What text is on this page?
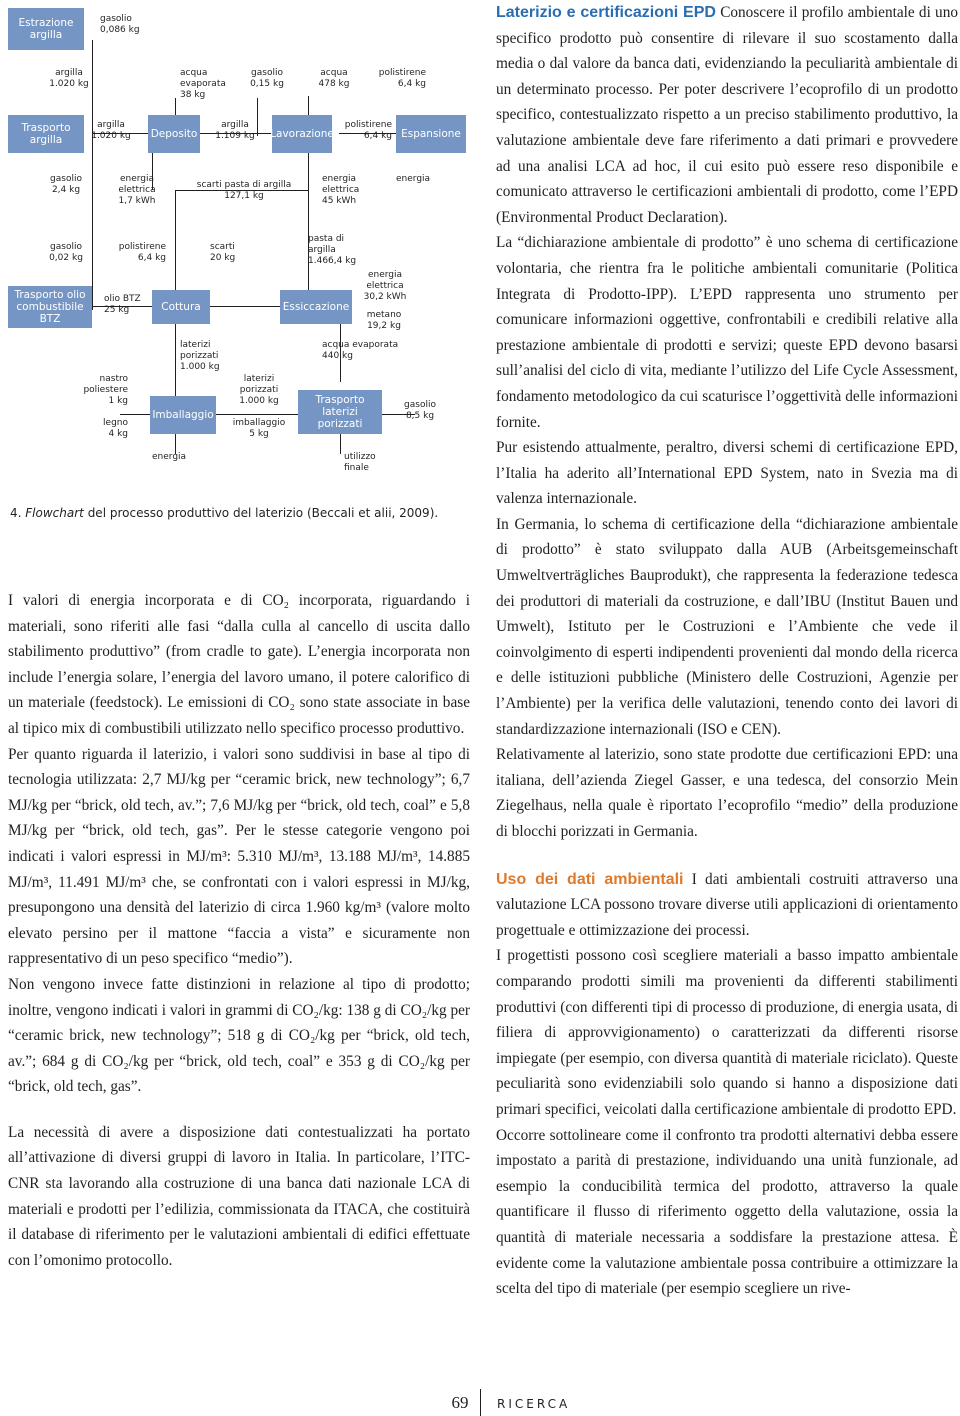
Estrazione argilla
Trasporto argilla	Deposito	Lavorazione	Espansione
Trasporto olio combustibile BTZ
Cottura	Essiccazione
Imballaggio
Trasporto laterizi porizzati
gasolio
0,086 kg
argilla
1.020 kg
acqua
evaporata
38 kg
gasolio
0,15 kg
acqua
478 kg
polistirene
6,4 kg
argilla
1.020 kg
argilla
1.109 kg
polistirene
6,4 kg
gasolio
2,4 kg
energia
elettrica
1,7 kWh
scarti pasta di argilla
127,1 kg
energia
elettrica
45 kWh
energia
gasolio
0,02 kg
polistirene
6,4 kg
scarti
20 kg
pasta di
argilla
1.466,4 kg
energia
elettrica
30,2 kWh
olio BTZ
25 kg	metano
19,2 kg
laterizi
porizzati
1.000 kg
acqua evaporata
440 kg
nastro
poliestere
1 kg
laterizi
porizzati
1.000 kg
legno
4 kg
imballaggio
5 kg
gasolio
8,5 kg
energia	utilizzo
finale
4. Flowchart del processo produttivo del laterizio (Beccali et alii, 2009).

I valori di energia incorporata e di CO₂ incorporata, riguardando i materiali, sono riferiti alle fasi “dalla culla al cancello di uscita dallo stabilimento produttivo” (from cradle to gate). L’energia incorporata non include l’energia solare, l’energia del lavoro umano, il potere calorifico di un materiale (feedstock). Le emissioni di CO₂ sono state associate in base al tipico mix di combustibili utilizzato nello specifico processo produttivo.

Per quanto riguarda il laterizio, i valori sono suddivisi in base al tipo di tecnologia utilizzata: 2,7 MJ/kg per “ceramic brick, new technology”; 6,7 MJ/kg per “brick, old tech, av.”; 7,6 MJ/kg per “brick, old tech, coal” e 5,8 MJ/kg per “brick, old tech, gas”. Per le stesse categorie vengono poi indicati i valori espressi in MJ/m³: 5.310 MJ/m³, 13.188 MJ/m³, 14.885 MJ/m³, 11.491 MJ/m³ che, se confrontati con i valori espressi in MJ/kg, presupongono una densità del laterizio di circa 1.960 kg/m³ (valore molto elevato persino per il mattone “faccia a vista” e sicuramente non rappresentativo di un peso specifico “medio”).

Non vengono invece fatte distinzioni in relazione al tipo di prodotto; inoltre, vengono indicati i valori in grammi di CO₂/kg: 138 g di CO₂/kg per “ceramic brick, new technology”; 518 g di CO₂/kg per “brick, old tech, av.”; 684 g di CO₂/kg per “brick, old tech, coal” e 353 g di CO₂/kg per “brick, old tech, gas”.

La necessità di avere a disposizione dati contestualizzati ha portato all’attivazione di diversi gruppi di lavoro in Italia. In particolare, l’ITC-CNR sta lavorando alla costruzione di una banca dati nazionale LCA di materiali e prodotti per l’edilizia, commissionata da ITACA, che costituirà il database di riferimento per le valutazioni ambientali di edifici effettuate con l’omonimo protocollo.

Laterizio e certificazioni EPD Conoscere il profilo ambientale di uno specifico prodotto può consentire di rilevare il suo scostamento dalla media o dal valore da banca dati, evidenziando la peculiarità ambientale di un determinato processo. Per poter descrivere l’ecoprofilo di un prodotto specifico, contestualizzato rispetto a un preciso stabilimento produttivo, la valutazione ambientale deve fare riferimento a dati primari e provvedere ad una analisi LCA ad hoc, il cui esito può essere reso disponibile e comunicato attraverso le certificazioni ambientali di prodotto, come l’EPD (Environmental Product Declaration).

La “dichiarazione ambientale di prodotto” è uno schema di certificazione volontaria, che rientra fra le politiche ambientali comunitarie (Politica Integrata di Prodotto-IPP). L’EPD rappresenta uno strumento per comunicare informazioni oggettive, confrontabili e credibili relative alla prestazione ambientale di prodotti e servizi; queste EPD devono basarsi sull’analisi del ciclo di vita, mediante l’utilizzo del Life Cycle Assessment, fondamento metodologico da cui scaturisce l’oggettività delle informazioni fornite.

Pur esistendo attualmente, peraltro, diversi schemi di certificazione EPD, l’Italia ha aderito all’International EPD System, nato in Svezia ma di valenza internazionale.

In Germania, lo schema di certificazione della “dichiarazione ambientale di prodotto” è stato sviluppato dalla AUB (Arbeitsgemeinschaft Umweltverträgliches Bauprodukt), che rappresenta la federazione tedesca dei produttori di materiali da costruzione, e dall’IBU (Institut Bauen und Umwelt), Istituto per le Costruzioni e l’Ambiente che vede il coinvolgimento di esperti indipendenti provenienti dal mondo della ricerca e delle istituzioni pubbliche (Ministero delle Costruzioni, Agenzie per l’Ambiente) per la verifica delle valutazioni, tenendo conto dei lavori di standardizzazione internazionali (ISO e CEN).

Relativamente al laterizio, sono state prodotte due certificazioni EPD: una italiana, dell’azienda Ziegel Gasser, e una tedesca, del consorzio Mein Ziegelhaus, nella quale è riportato l’ecoprofilo “medio” della produzione di blocchi porizzati in Germania.

Uso dei dati ambientali I dati ambientali costruiti attraverso una valutazione LCA possono trovare diverse utili applicazioni di orientamento progettuale e ottimizzazione dei processi.

I progettisti possono così scegliere materiali a basso impatto ambientale comparando prodotti simili ma provenienti da differenti stabilimenti produttivi (con differenti tipi di processo di produzione, di energia usata, di filiera di approvvigionamento) o caratterizzati da differenti risorse impiegate (per esempio, con diversa quantità di materiale riciclato). Queste peculiarità sono evidenziabili solo quando si hanno a disposizione dati primari specifici, veicolati dalla certificazione ambientale di prodotto EPD.

Occorre sottolineare come il confronto tra prodotti alternativi debba essere impostato a parità di prestazione, individuando una unità funzionale, ad esempio la conducibilità termica del prodotto, attraverso la quale quantificare il flusso di riferimento oggetto della valutazione, ossia la quantità di materiale necessaria a soddisfare la prestazione attesa. È evidente come la valutazione ambientale possa contribuire a ottimizzare la scelta del tipo di materiale (per esempio scegliere un rive-

69 RICERCA
